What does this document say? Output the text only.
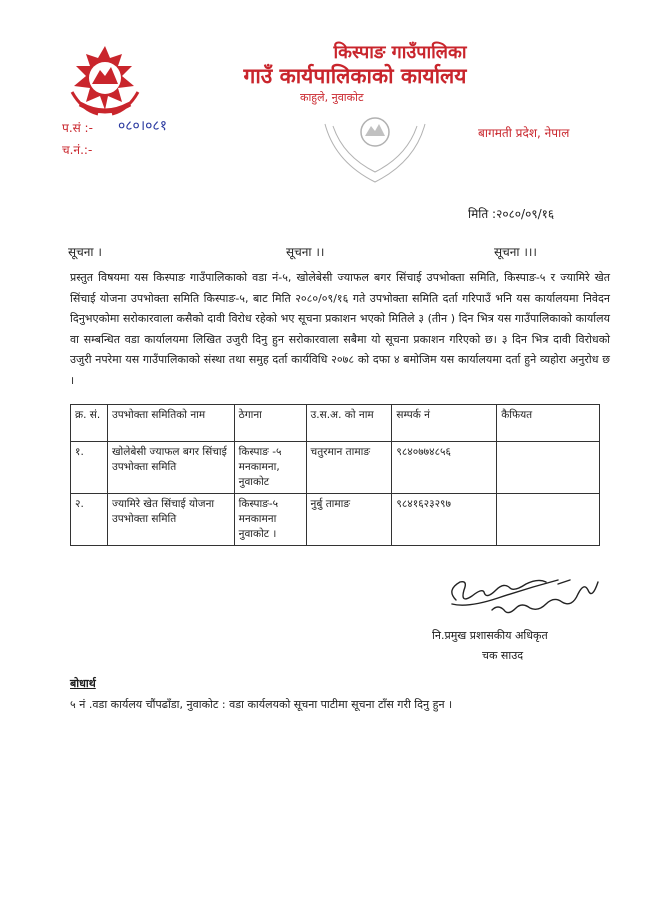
किस्पाङ गाउँपालिका
गाउँ कार्यपालिकाको कार्यालय
काहुले, नुवाकोट
प.सं :- ०८०।०८१
च.नं.:-
बागमती प्रदेश, नेपाल
मिति :२०८०/०९/१६
सूचना ।	सूचना ।।	सूचना ।।।
प्रस्तुत विषयमा यस किस्पाङ गाउँपालिकाको वडा नं-५, खोलेबेसी ज्याफल बगर सिंचाई उपभोक्ता समिति, किस्पाङ-५ र ज्यामिरे खेत सिंचाई योजना उपभोक्ता समिति किस्पाङ-५, बाट मिति २०८०/०९/१६ गते उपभोक्ता समिति दर्ता गरिपाउँ भनि यस कार्यालयमा निवेदन दिनुभएकोमा सरोकारवाला कसैको दावी विरोध रहेको भए सूचना प्रकाशन भएको मितिले ३ (तीन ) दिन भित्र यस गाउँपालिकाको कार्यालय वा सम्बन्धित वडा कार्यालयमा लिखित उजुरी दिनु हुन सरोकारवाला सबैमा यो सूचना प्रकाशन गरिएको छ। ३ दिन भित्र दावी विरोधको उजुरी नपरेमा यस गाउँपालिकाको संस्था तथा समुह दर्ता कार्यविधि २०७८ को दफा ४ बमोजिम यस कार्यालयमा दर्ता हुने व्यहोरा अनुरोध छ ।
क्र. सं.	उपभोक्ता समितिको नाम	ठेगाना	उ.स.अ. को नाम	सम्पर्क नं	कैफियत
१.	खोलेबेसी ज्याफल बगर सिंचाई उपभोक्ता समिति	किस्पाङ -५ मनकामना, नुवाकोट	चतुरमान तामाङ	९८४०७७४८५६	
२.	ज्यामिरे खेत सिंचाई योजना उपभोक्ता समिति	किस्पाङ-५ मनकामना नुवाकोट ।	नुर्बु तामाङ	९८४१६२३२९७	
नि.प्रमुख प्रशासकीय अधिकृत
चक साउद
बोधार्थ
५ नं .वडा कार्यलय चौंपढाँडा, नुवाकोट : वडा कार्यलयको सूचना पाटीमा सूचना टाँस गरी दिनु हुन ।
